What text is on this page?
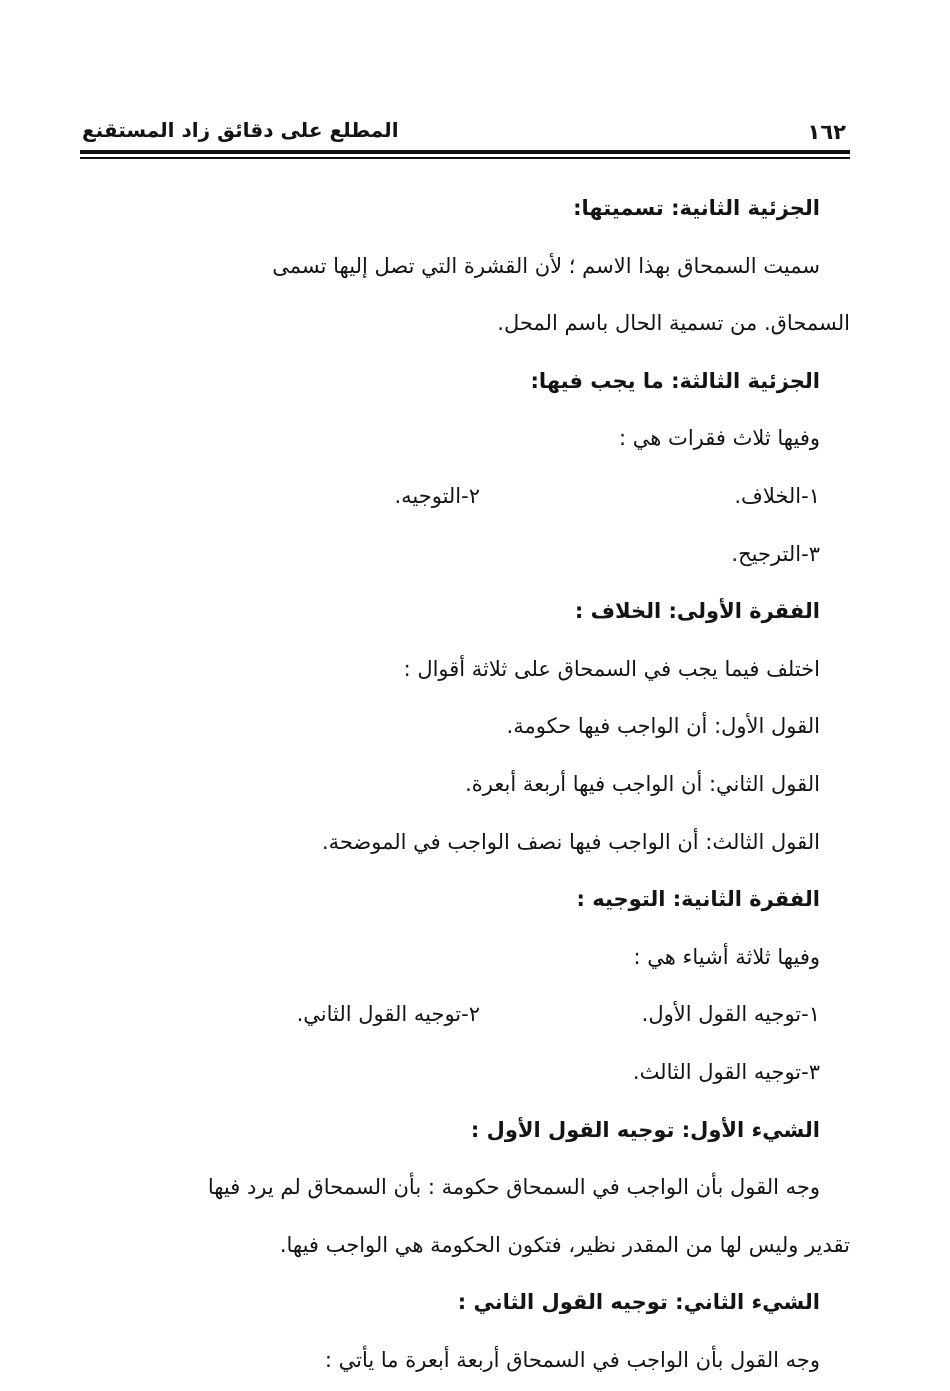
١٦٢
المطلع على دقائق زاد المستقنع
الجزئية الثانية: تسميتها:
سميت السمحاق بهذا الاسم ؛ لأن القشرة التي تصل إليها تسمى
السمحاق. من تسمية الحال باسم المحل.
الجزئية الثالثة: ما يجب فيها:
وفيها ثلاث فقرات هي :
١-الخلاف.
٢-التوجيه.
٣-الترجيح.
الفقرة الأولى: الخلاف :
اختلف فيما يجب في السمحاق على ثلاثة أقوال :
القول الأول: أن الواجب فيها حكومة.
القول الثاني: أن الواجب فيها أربعة أبعرة.
القول الثالث: أن الواجب فيها نصف الواجب في الموضحة.
الفقرة الثانية: التوجيه :
وفيها ثلاثة أشياء هي :
١-توجيه القول الأول.
٢-توجيه القول الثاني.
٣-توجيه القول الثالث.
الشيء الأول: توجيه القول الأول :
وجه القول بأن الواجب في السمحاق حكومة : بأن السمحاق لم يرد فيها
تقدير وليس لها من المقدر نظير، فتكون الحكومة هي الواجب فيها.
الشيء الثاني: توجيه القول الثاني :
وجه القول بأن الواجب في السمحاق أربعة أبعرة ما يأتي :
